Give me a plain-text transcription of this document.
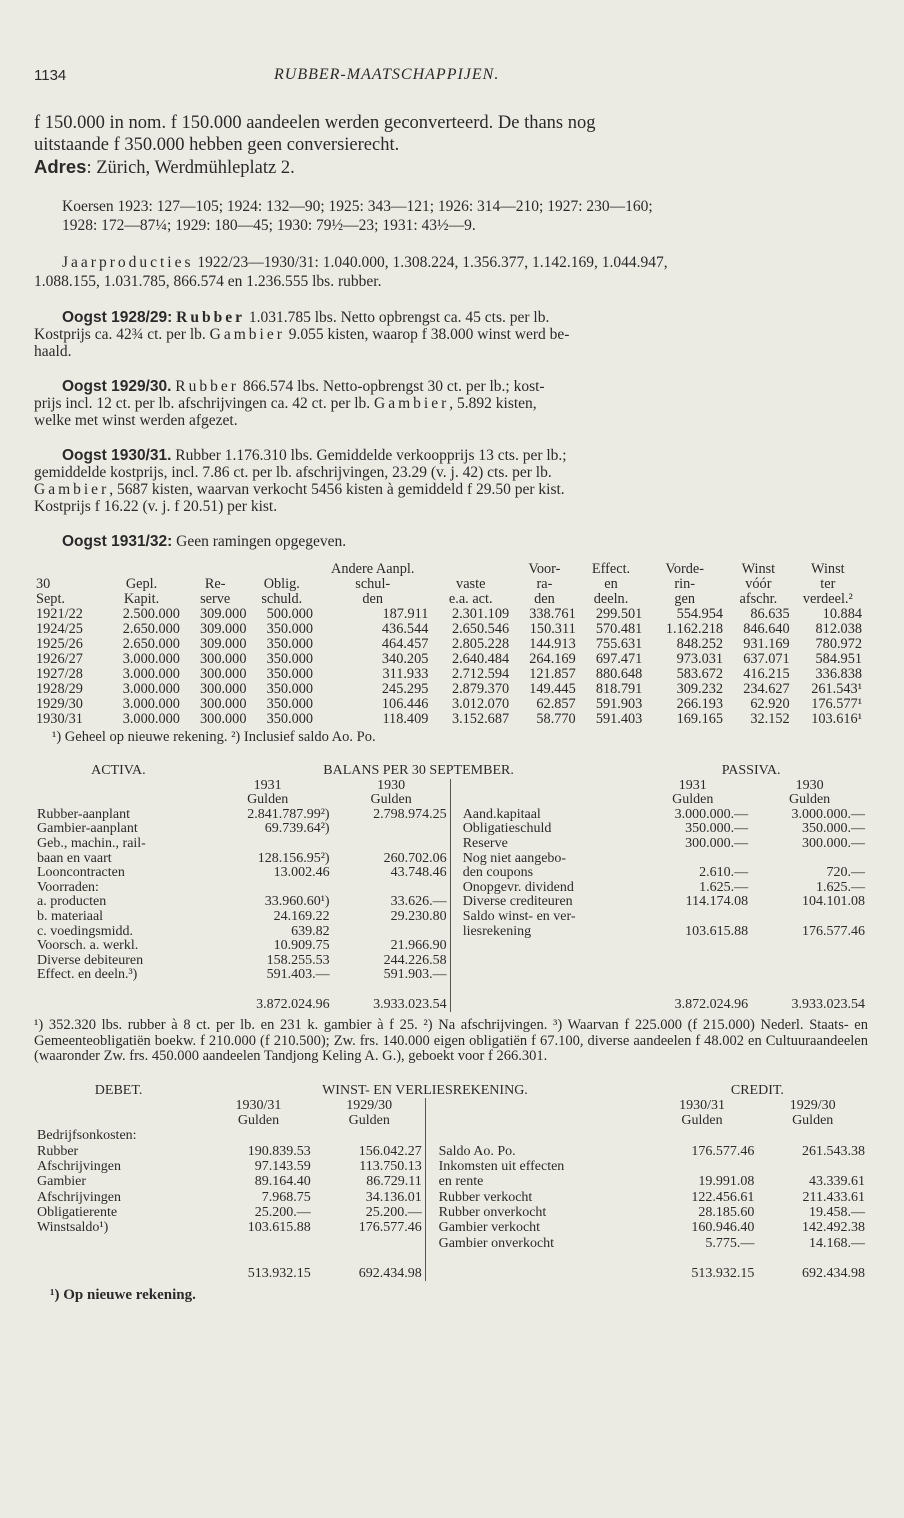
1134	RUBBER-MAATSCHAPPIJEN.
f 150.000 in nom. f 150.000 aandeelen werden geconverteerd. De thans nog
uitstaande f 350.000 hebben geen conversierecht.
Adres: Zürich, Werdmühleplatz 2.
Koersen 1923: 127—105; 1924: 132—90; 1925: 343—121; 1926: 314—210; 1927: 230—160;
1928: 172—87¼; 1929: 180—45; 1930: 79½—23; 1931: 43½—9.
Jaarproducties 1922/23—1930/31: 1.040.000, 1.308.224, 1.356.377, 1.142.169, 1.044.947,
1.088.155, 1.031.785, 866.574 en 1.236.555 lbs. rubber.
Oogst 1928/29: Rubber 1.031.785 lbs. Netto opbrengst ca. 45 cts. per lb.
Kostprijs ca. 42¾ ct. per lb. Gambier 9.055 kisten, waarop f 38.000 winst werd be-
haald.
Oogst 1929/30. Rubber 866.574 lbs. Netto-opbrengst 30 ct. per lb.; kost-
prijs incl. 12 ct. per lb. afschrijvingen ca. 42 ct. per lb. Gambier, 5.892 kisten,
welke met winst werden afgezet.
Oogst 1930/31. Rubber 1.176.310 lbs. Gemiddelde verkoopprijs 13 cts. per lb.;
gemiddelde kostprijs, incl. 7.86 ct. per lb. afschrijvingen, 23.29 (v. j. 42) cts. per lb.
Gambier, 5687 kisten, waarvan verkocht 5456 kisten à gemiddeld f 29.50 per kist.
Kostprijs f 16.22 (v. j. f 20.51) per kist.
Oogst 1931/32: Geen ramingen opgegeven.
				Andere Aanpl.		Voor-	Effect.	Vorde-	Winst	Winst
30	Gepl.	Re-	Oblig.	schul-	vaste	ra-	en	rin-	vóór	ter
Sept.	Kapit.	serve	schuld.	den	e.a. act.	den	deeln.	gen	afschr.	verdeel.²
1921/22	2.500.000	309.000	500.000	187.911	2.301.109	338.761	299.501	554.954	86.635	10.884
1924/25	2.650.000	309.000	350.000	436.544	2.650.546	150.311	570.481	1.162.218	846.640	812.038
1925/26	2.650.000	309.000	350.000	464.457	2.805.228	144.913	755.631	848.252	931.169	780.972
1926/27	3.000.000	300.000	350.000	340.205	2.640.484	264.169	697.471	973.031	637.071	584.951
1927/28	3.000.000	300.000	350.000	311.933	2.712.594	121.857	880.648	583.672	416.215	336.838
1928/29	3.000.000	300.000	350.000	245.295	2.879.370	149.445	818.791	309.232	234.627	261.543¹
1929/30	3.000.000	300.000	350.000	106.446	3.012.070	62.857	591.903	266.193	62.920	176.577¹
1930/31	3.000.000	300.000	350.000	118.409	3.152.687	58.770	591.403	169.165	32.152	103.616¹
¹) Geheel op nieuwe rekening. ²) Inclusief saldo Ao. Po.
ACTIVA.	BALANS PER 30 SEPTEMBER.				PASSIVA.	
	1931	1930			1931	1930
	Gulden	Gulden			Gulden	Gulden
Rubber-aanplant	2.841.787.99²)	2.798.974.25		Aand.kapitaal	3.000.000.—	3.000.000.—
Gambier-aanplant	69.739.64²)			Obligatieschuld	350.000.—	350.000.—
Geb., machin., rail-				Reserve	300.000.—	300.000.—
baan en vaart	128.156.95²)	260.702.06		Nog niet aangebo-		
Looncontracten	13.002.46	43.748.46		den coupons	2.610.—	720.—
Voorraden:				Onopgevr. dividend	1.625.—	1.625.—
a. producten	33.960.60¹)	33.626.—		Diverse crediteuren	114.174.08	104.101.08
b. materiaal	24.169.22	29.230.80		Saldo winst- en ver-		
c. voedingsmidd.	639.82			liesrekening	103.615.88	176.577.46
Voorsch. a. werkl.	10.909.75	21.966.90				
Diverse debiteuren	158.255.53	244.226.58				
Effect. en deeln.³)	591.403.—	591.903.—				

	3.872.024.96	3.933.023.54			3.872.024.96	3.933.023.54
¹) 352.320 lbs. rubber à 8 ct. per lb. en 231 k. gambier à f 25. ²) Na afschrijvingen. ³) Waarvan f 225.000 (f 215.000) Nederl. Staats- en Gemeenteobligatiën boekw. f 210.000 (f 210.500); Zw. frs. 140.000 eigen obligatiën f 67.100, diverse aandeelen f 48.002 en Cultuuraandeelen (waaronder Zw. frs. 450.000 aandeelen Tandjong Keling A. G.), geboekt voor f 266.301.
DEBET.	WINST- EN VERLIESREKENING.				CREDIT.	
	1930/31	1929/30			1930/31	1929/30
	Gulden	Gulden			Gulden	Gulden
Bedrijfsonkosten:						
Rubber	190.839.53	156.042.27		Saldo Ao. Po.	176.577.46	261.543.38
Afschrijvingen	97.143.59	113.750.13		Inkomsten uit effecten		
Gambier	89.164.40	86.729.11		en rente	19.991.08	43.339.61
Afschrijvingen	7.968.75	34.136.01		Rubber verkocht	122.456.61	211.433.61
Obligatierente	25.200.—	25.200.—		Rubber onverkocht	28.185.60	19.458.—
Winstsaldo¹)	103.615.88	176.577.46		Gambier verkocht	160.946.40	142.492.38
				Gambier onverkocht	5.775.—	14.168.—

	513.932.15	692.434.98			513.932.15	692.434.98
¹) Op nieuwe rekening.
